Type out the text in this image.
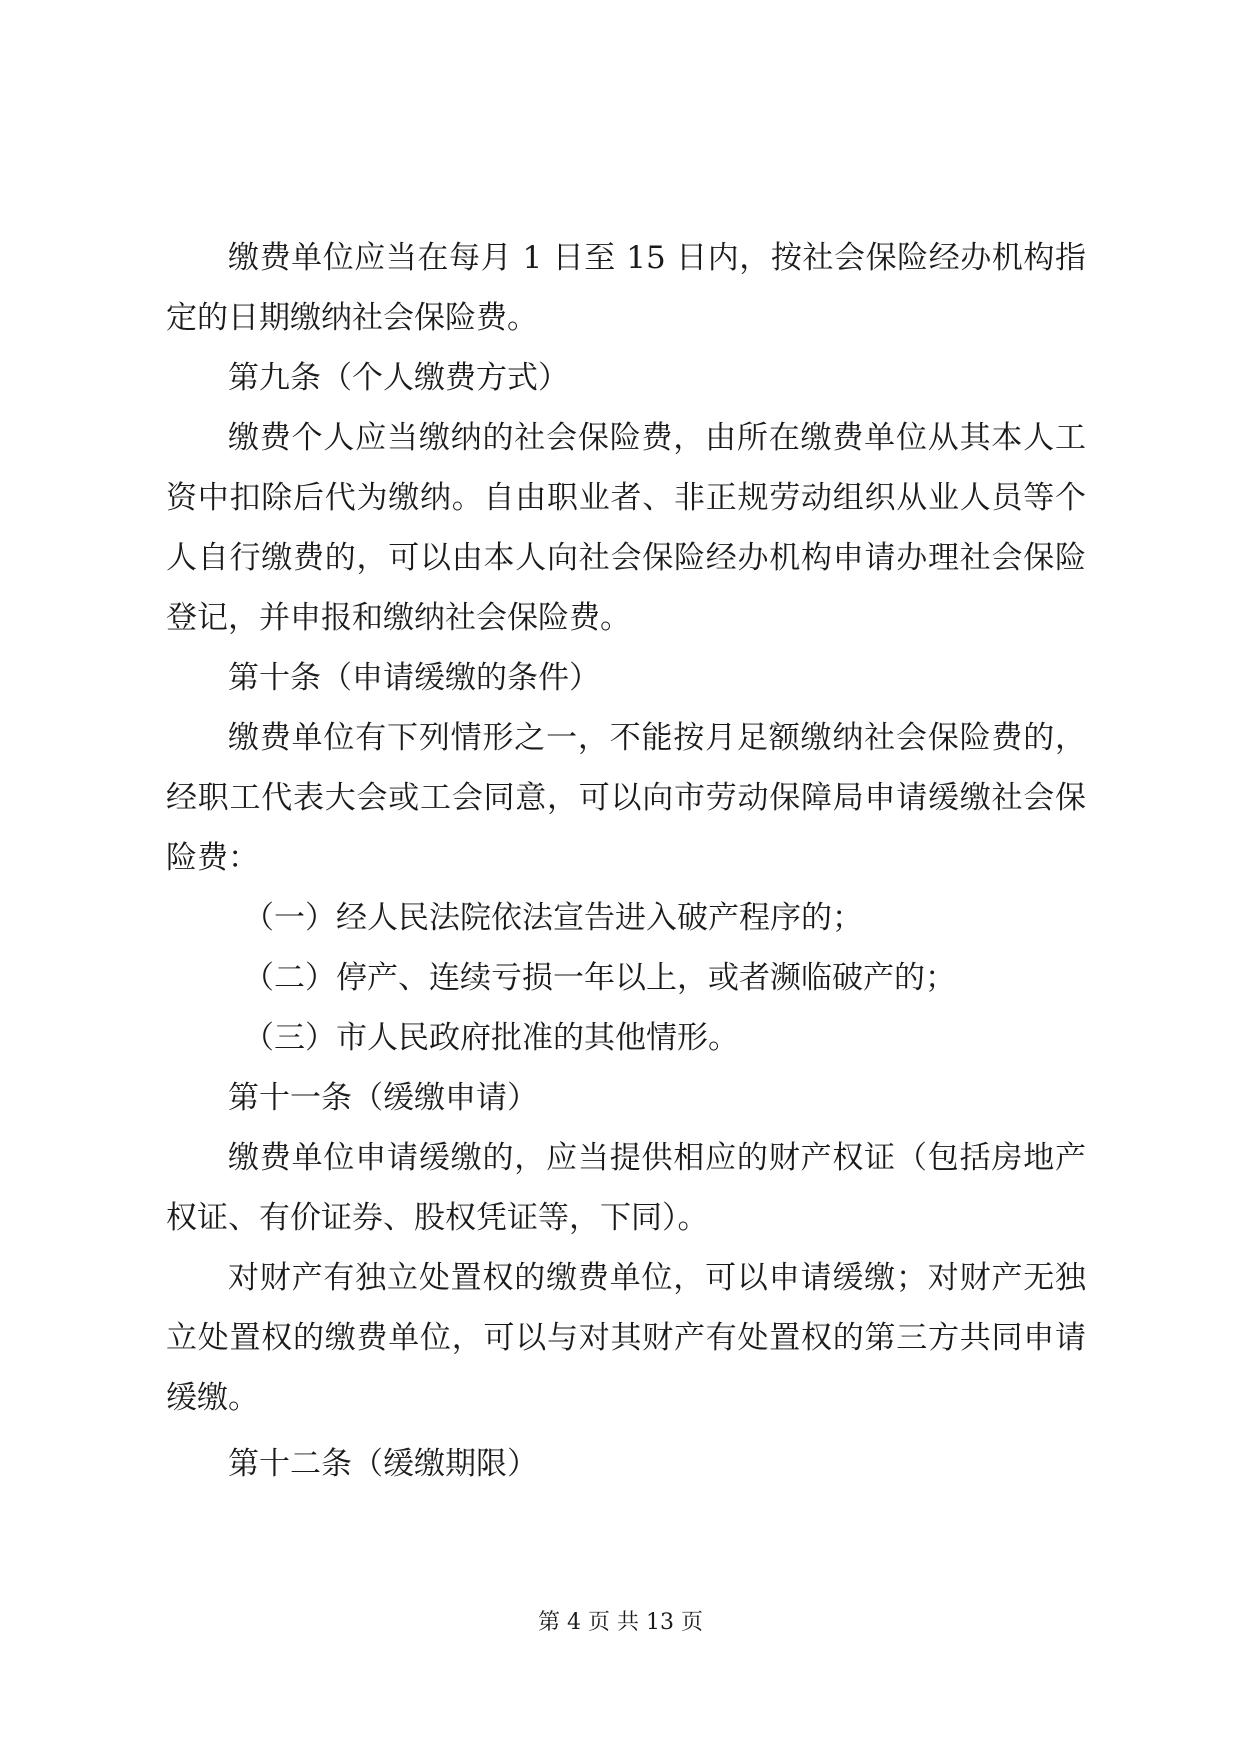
缴费单位应当在每月 1 日至 15 日内，按社会保险经办机构指定的日期缴纳社会保险费。

第九条（个人缴费方式）

缴费个人应当缴纳的社会保险费，由所在缴费单位从其本人工资中扣除后代为缴纳。自由职业者、非正规劳动组织从业人员等个人自行缴费的，可以由本人向社会保险经办机构申请办理社会保险登记，并申报和缴纳社会保险费。

第十条（申请缓缴的条件）

缴费单位有下列情形之一，不能按月足额缴纳社会保险费的，经职工代表大会或工会同意，可以向市劳动保障局申请缓缴社会保险费：

（一）经人民法院依法宣告进入破产程序的；

（二）停产、连续亏损一年以上，或者濒临破产的；

（三）市人民政府批准的其他情形。

第十一条（缓缴申请）

缴费单位申请缓缴的，应当提供相应的财产权证（包括房地产权证、有价证券、股权凭证等，下同）。

对财产有独立处置权的缴费单位，可以申请缓缴；对财产无独立处置权的缴费单位，可以与对其财产有处置权的第三方共同申请缓缴。

第十二条（缓缴期限）

第 4 页 共 13 页
